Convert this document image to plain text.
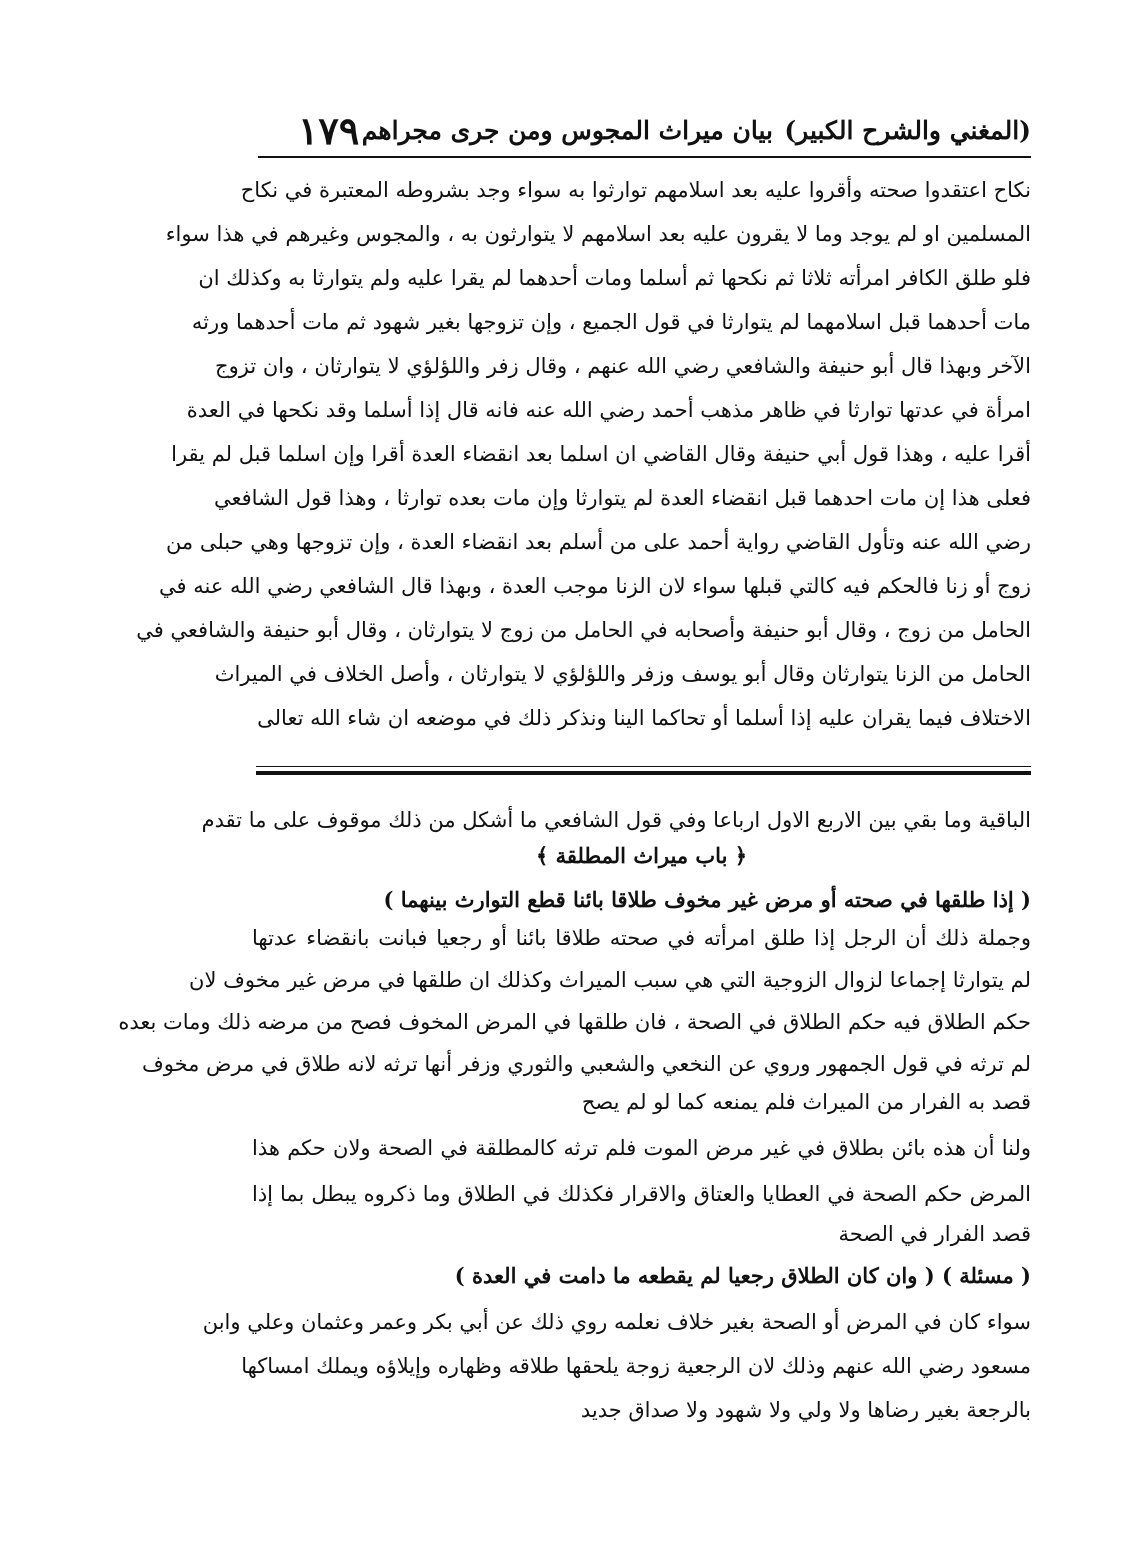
(المغني والشرح الكبير)
بيان ميراث المجوس ومن جرى مجراهم
١٧٩
نكاح اعتقدوا صحته وأقروا عليه بعد اسلامهم توارثوا به سواء وجد بشروطه المعتبرة في نكاح
المسلمين او لم يوجد وما لا يقرون عليه بعد اسلامهم لا يتوارثون به ، والمجوس وغيرهم في هذا سواء
فلو طلق الكافر امرأته ثلاثا ثم نكحها ثم أسلما ومات أحدهما لم يقرا عليه ولم يتوارثا به وكذلك ان
مات أحدهما قبل اسلامهما لم يتوارثا في قول الجميع ، وإن تزوجها بغير شهود ثم مات أحدهما ورثه
الآخر وبهذا قال أبو حنيفة والشافعي رضي الله عنهم ، وقال زفر واللؤلؤي لا يتوارثان ، وان تزوج
امرأة في عدتها توارثا في ظاهر مذهب أحمد رضي الله عنه فانه قال إذا أسلما وقد نكحها في العدة
أقرا عليه ، وهذا قول أبي حنيفة وقال القاضي ان اسلما بعد انقضاء العدة أقرا وإن اسلما قبل لم يقرا
فعلى هذا إن مات احدهما قبل انقضاء العدة لم يتوارثا وإن مات بعده توارثا ، وهذا قول الشافعي
رضي الله عنه وتأول القاضي رواية أحمد على من أسلم بعد انقضاء العدة ، وإن تزوجها وهي حبلى من
زوج أو زنا فالحكم فيه كالتي قبلها سواء لان الزنا موجب العدة ، وبهذا قال الشافعي رضي الله عنه في
الحامل من زوج ، وقال أبو حنيفة وأصحابه في الحامل من زوج لا يتوارثان ، وقال أبو حنيفة والشافعي في
الحامل من الزنا يتوارثان وقال أبو يوسف وزفر واللؤلؤي لا يتوارثان ، وأصل الخلاف في الميراث
الاختلاف فيما يقران عليه إذا أسلما أو تحاكما الينا ونذكر ذلك في موضعه ان شاء الله تعالى
الباقية وما بقي بين الاربع الاول ارباعا وفي قول الشافعي ما أشكل من ذلك موقوف على ما تقدم
﴿ باب ميراث المطلقة ﴾
( إذا طلقها في صحته أو مرض غير مخوف طلاقا بائنا قطع التوارث بينهما )
وجملة ذلك أن الرجل إذا طلق امرأته في صحته طلاقا بائنا أو رجعيا فبانت بانقضاء عدتها
لم يتوارثا إجماعا لزوال الزوجية التي هي سبب الميراث وكذلك ان طلقها في مرض غير مخوف لان
حكم الطلاق فيه حكم الطلاق في الصحة ، فان طلقها في المرض المخوف فصح من مرضه ذلك ومات بعده
لم ترثه في قول الجمهور وروي عن النخعي والشعبي والثوري وزفر أنها ترثه لانه طلاق في مرض مخوف
قصد به الفرار من الميراث فلم يمنعه كما لو لم يصح
ولنا أن هذه بائن بطلاق في غير مرض الموت فلم ترثه كالمطلقة في الصحة ولان حكم هذا
المرض حكم الصحة في العطايا والعتاق والاقرار فكذلك في الطلاق وما ذكروه يبطل بما إذا
قصد الفرار في الصحة
( مسئلة ) ( وان كان الطلاق رجعيا لم يقطعه ما دامت في العدة )
سواء كان في المرض أو الصحة بغير خلاف نعلمه روي ذلك عن أبي بكر وعمر وعثمان وعلي وابن
مسعود رضي الله عنهم وذلك لان الرجعية زوجة يلحقها طلاقه وظهاره وإيلاؤه ويملك امساكها
بالرجعة بغير رضاها ولا ولي ولا شهود ولا صداق جديد
